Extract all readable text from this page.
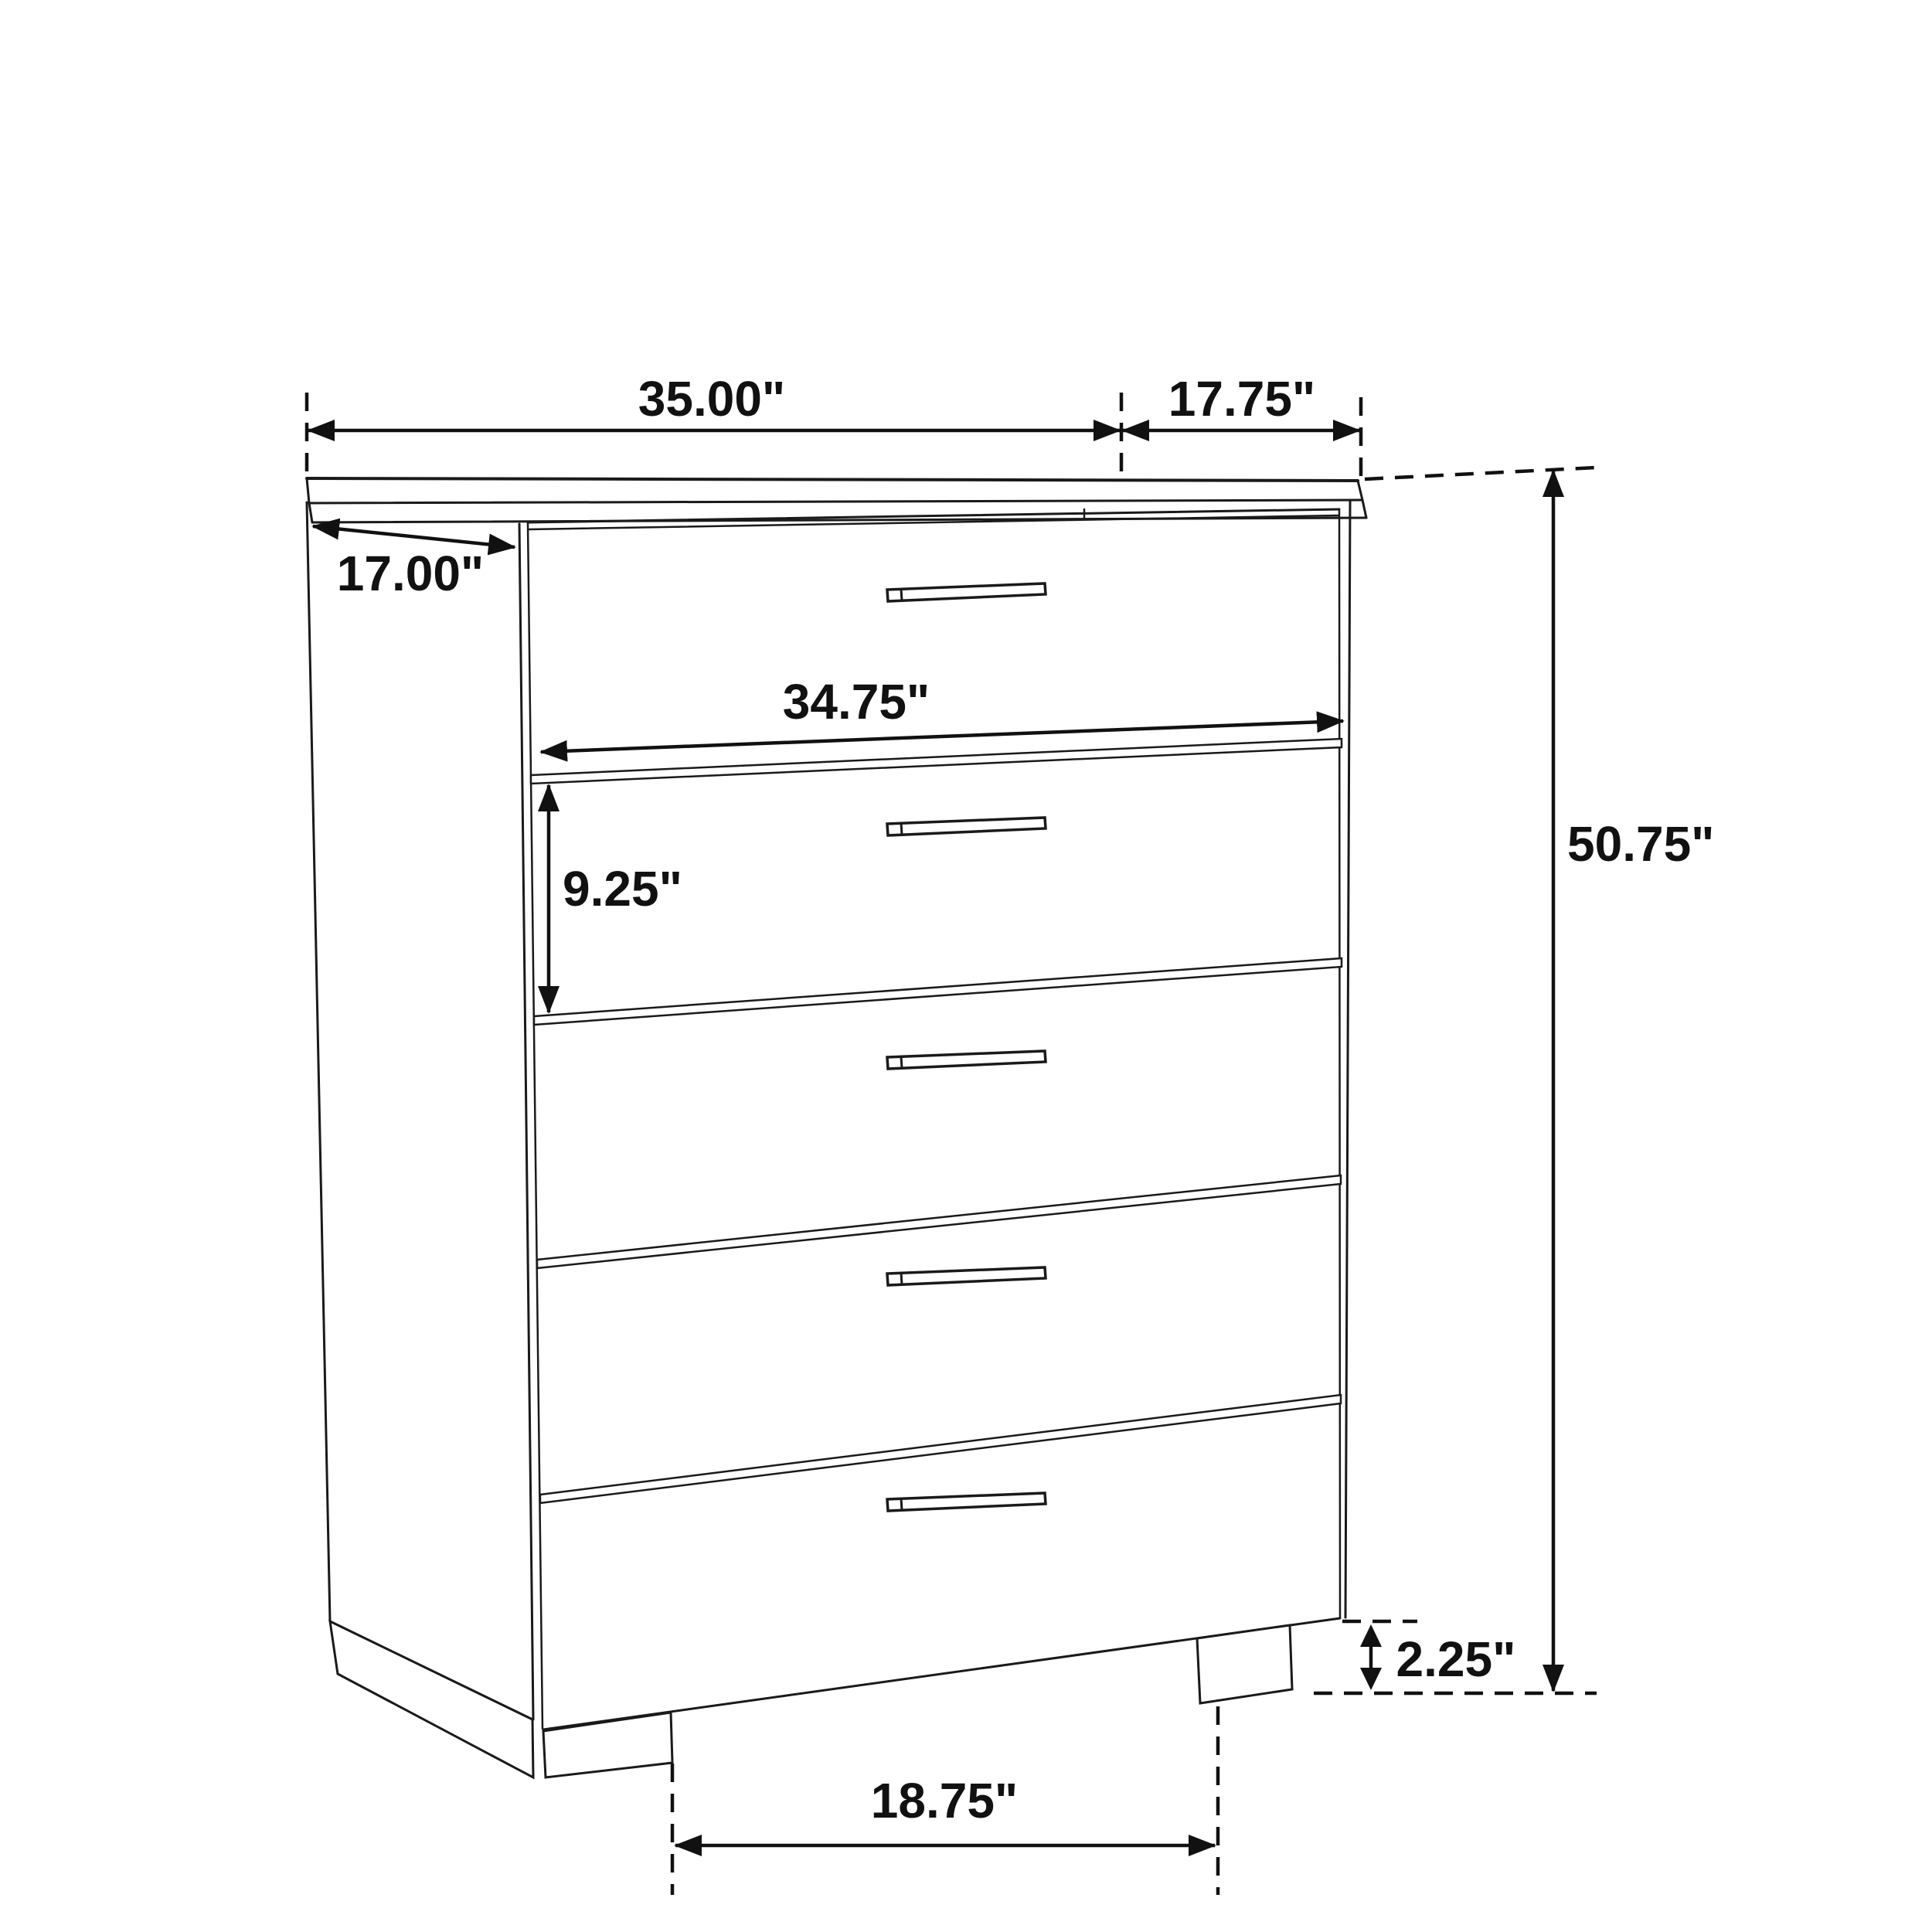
35.00"	17.75"
17.00"
34.75"
9.25"
50.75"
2.25"
18.75"
